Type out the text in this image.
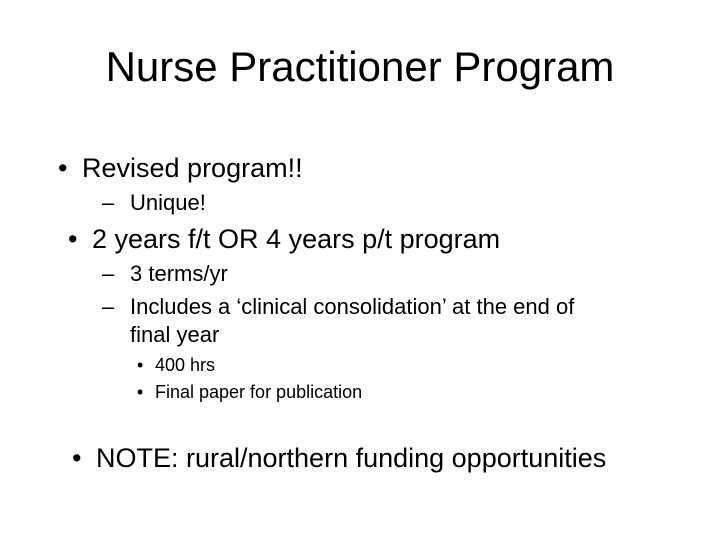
Nurse Practitioner Program
• Revised program!!
– Unique!
• 2 years f/t OR 4 years p/t program
– 3 terms/yr
– Includes a ‘clinical consolidation’ at the end of
final year
• 400 hrs
• Final paper for publication
• NOTE: rural/northern funding opportunities
